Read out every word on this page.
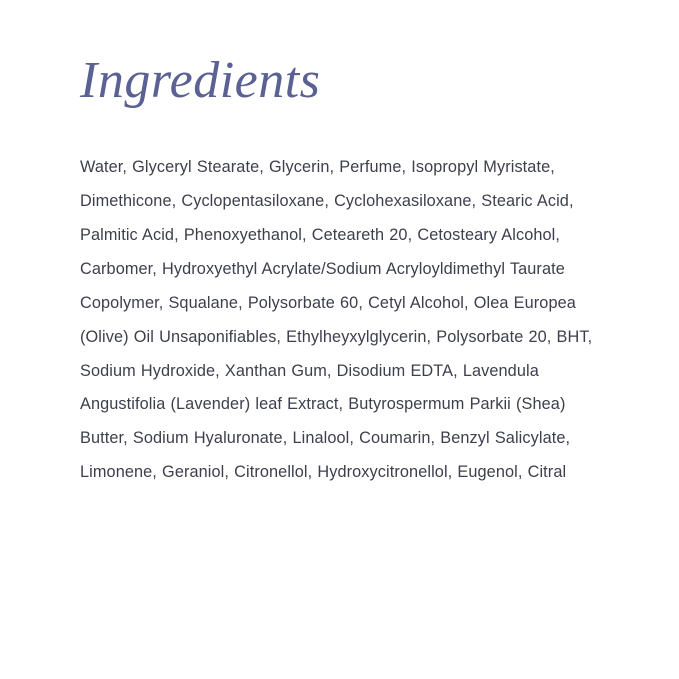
Ingredients

Water, Glyceryl Stearate, Glycerin, Perfume, Isopropyl Myristate, Dimethicone, Cyclopentasiloxane, Cyclohexasiloxane, Stearic Acid, Palmitic Acid, Phenoxyethanol, Ceteareth 20, Cetosteary Alcohol, Carbomer, Hydroxyethyl Acrylate/Sodium Acryloyldimethyl Taurate Copolymer, Squalane, Polysorbate 60, Cetyl Alcohol, Olea Europea (Olive) Oil Unsaponifiables, Ethylheyxylglycerin, Polysorbate 20, BHT, Sodium Hydroxide, Xanthan Gum, Disodium EDTA, Lavendula Angustifolia (Lavender) leaf Extract, Butyrospermum Parkii (Shea) Butter, Sodium Hyaluronate, Linalool, Coumarin, Benzyl Salicylate, Limonene, Geraniol, Citronellol, Hydroxycitronellol, Eugenol, Citral
